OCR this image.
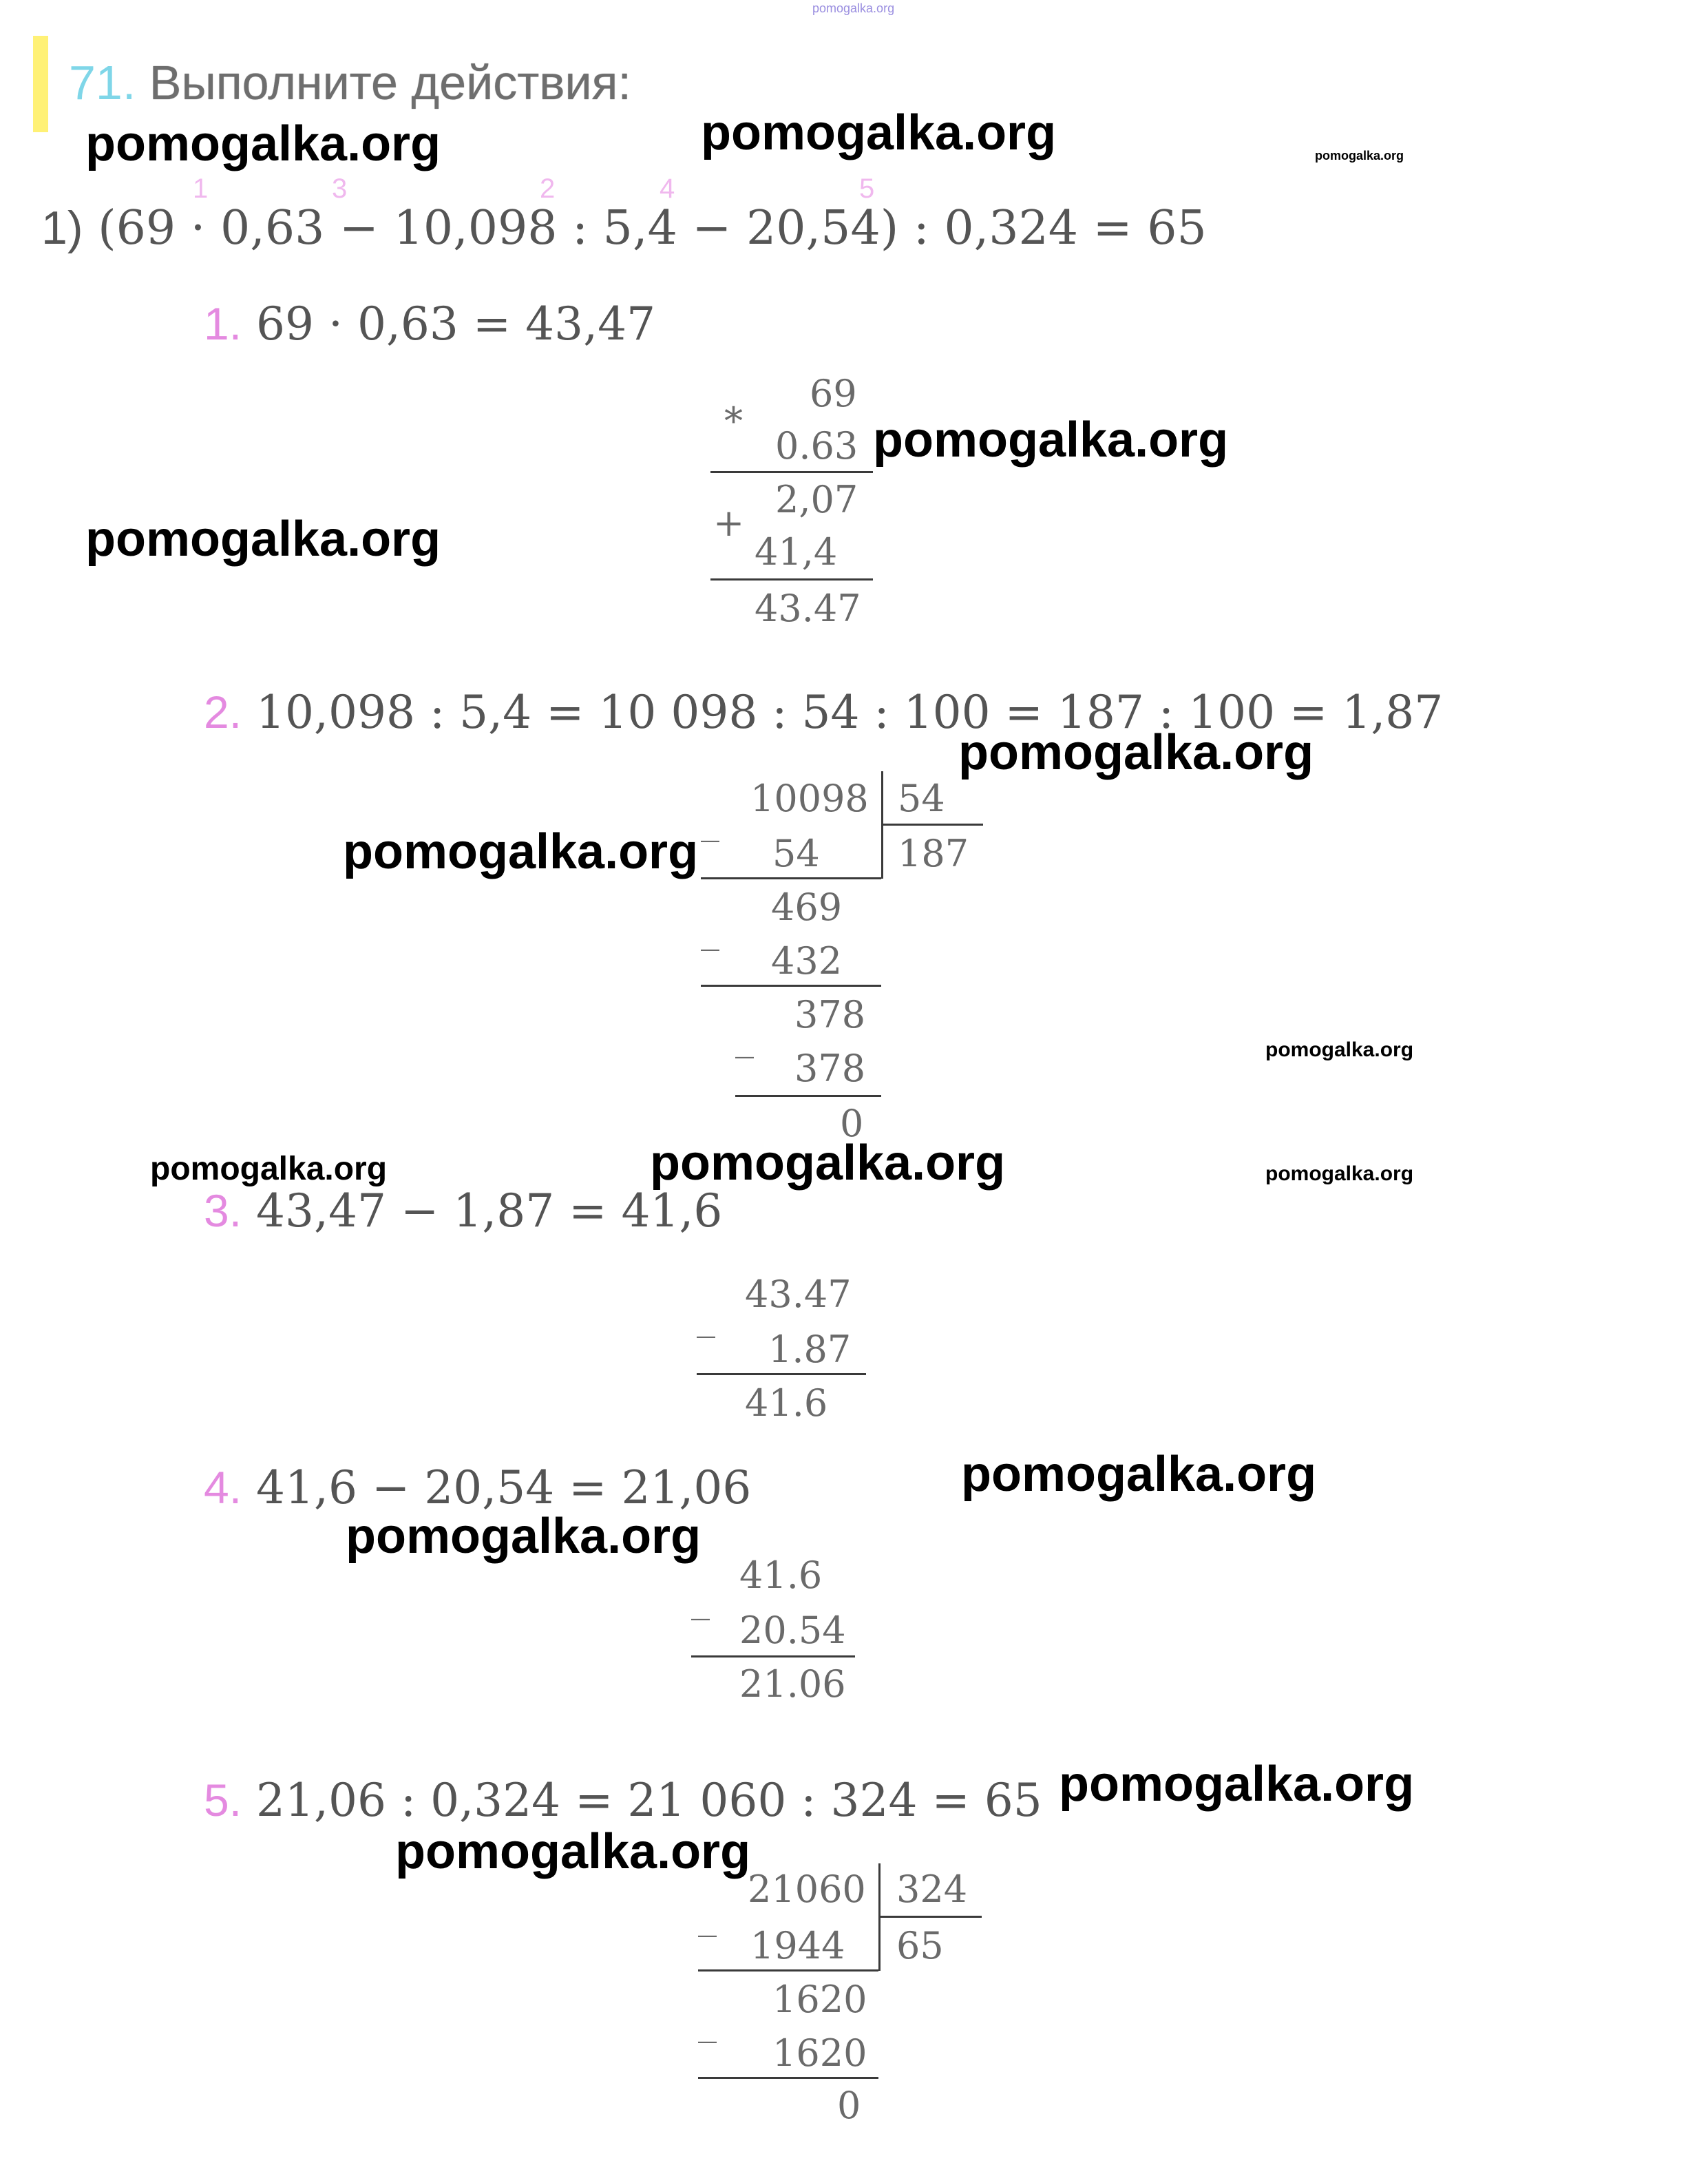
pomogalka.org
71. Выполните действия:
1	3	2	4	5
1) (69 · 0,63 − 10,098 : 5,4 − 20,54) : 0,324 = 65
1. 69 · 0,63 = 43,47
*
69
0.63
+
2,07
41,4
43.47
2. 10,098 : 5,4 = 10 098 : 54 : 100 = 187 : 100 = 1,87
_
10098 54
54 187
_
469
432
_
378
378
0
3. 43,47 − 1,87 = 41,6
_
43.47
1.87
41.6
4. 41,6 − 20,54 = 21,06
_
41.6
20.54
21.06
5. 21,06 : 0,324 = 21 060 : 324 = 65
_
21060 324
1944 65
_
1620
1620
0
pomogalka.org	pomogalka.org	pomogalka.org
pomogalka.org
pomogalka.org
pomogalka.org
pomogalka.org
pomogalka.org
pomogalka.org	pomogalka.org	pomogalka.org
pomogalka.org
pomogalka.org
pomogalka.org
pomogalka.org
